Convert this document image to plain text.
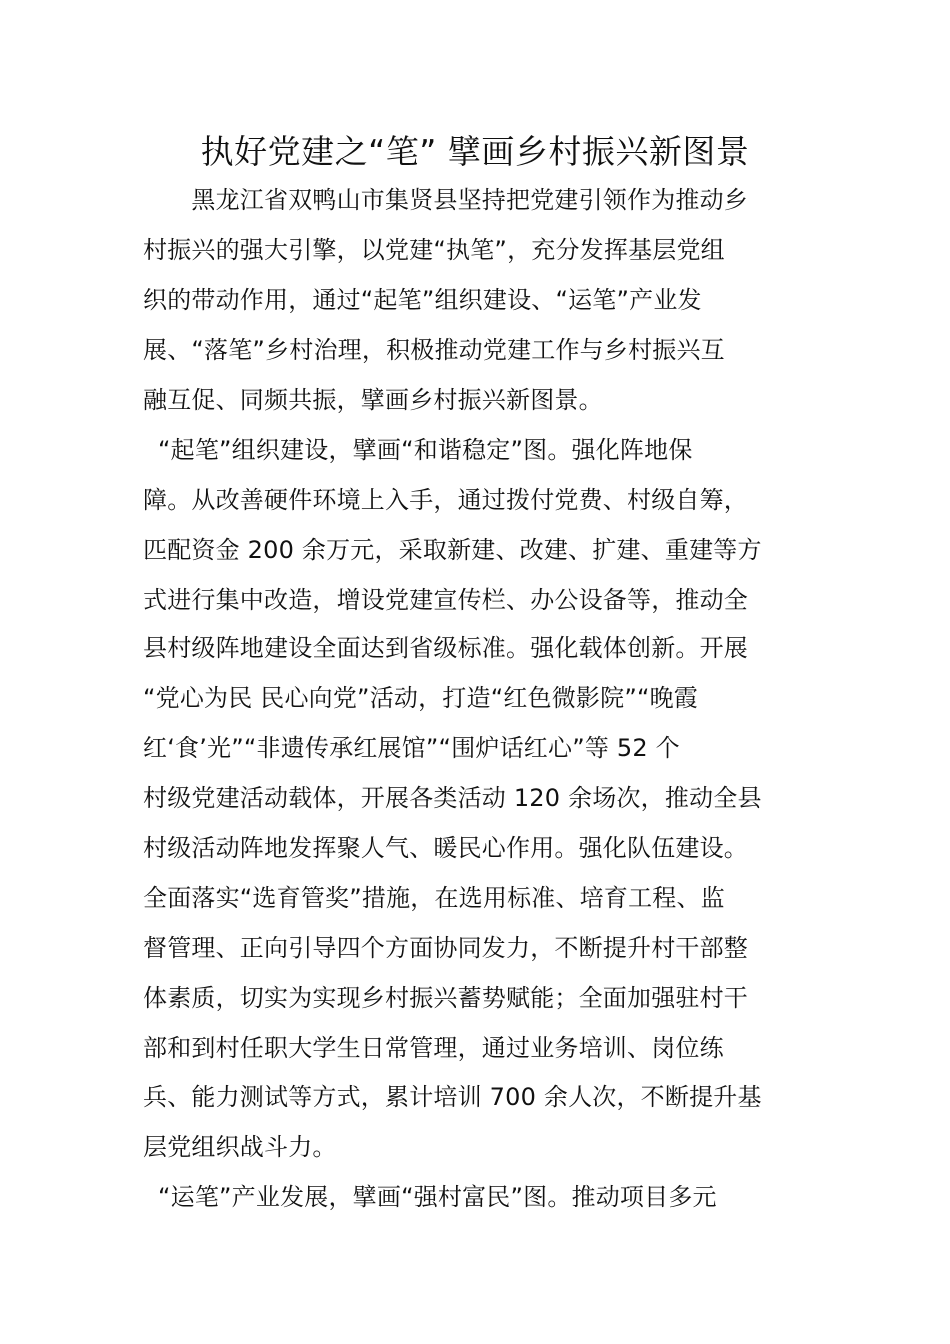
执好党建之“笔” 擘画乡村振兴新图景
　　黑龙江省双鸭山市集贤县坚持把党建引领作为推动乡
村振兴的强大引擎，以党建“执笔”，充分发挥基层党组
织的带动作用，通过“起笔”组织建设、“运笔”产业发
展、“落笔”乡村治理，积极推动党建工作与乡村振兴互
融互促、同频共振，擘画乡村振兴新图景。
“起笔”组织建设，擘画“和谐稳定”图。强化阵地保
障。从改善硬件环境上入手，通过拨付党费、村级自筹，
匹配资金 200 余万元，采取新建、改建、扩建、重建等方
式进行集中改造，增设党建宣传栏、办公设备等，推动全
县村级阵地建设全面达到省级标准。强化载体创新。开展
“党心为民 民心向党”活动，打造“红色微影院”“晚霞
红‘食’光”“非遗传承红展馆”“围炉话红心”等 52 个
村级党建活动载体，开展各类活动 120 余场次，推动全县
村级活动阵地发挥聚人气、暖民心作用。强化队伍建设。
全面落实“选育管奖”措施，在选用标准、培育工程、监
督管理、正向引导四个方面协同发力，不断提升村干部整
体素质，切实为实现乡村振兴蓄势赋能；全面加强驻村干
部和到村任职大学生日常管理，通过业务培训、岗位练
兵、能力测试等方式，累计培训 700 余人次，不断提升基
层党组织战斗力。
“运笔”产业发展，擘画“强村富民”图。推动项目多元
